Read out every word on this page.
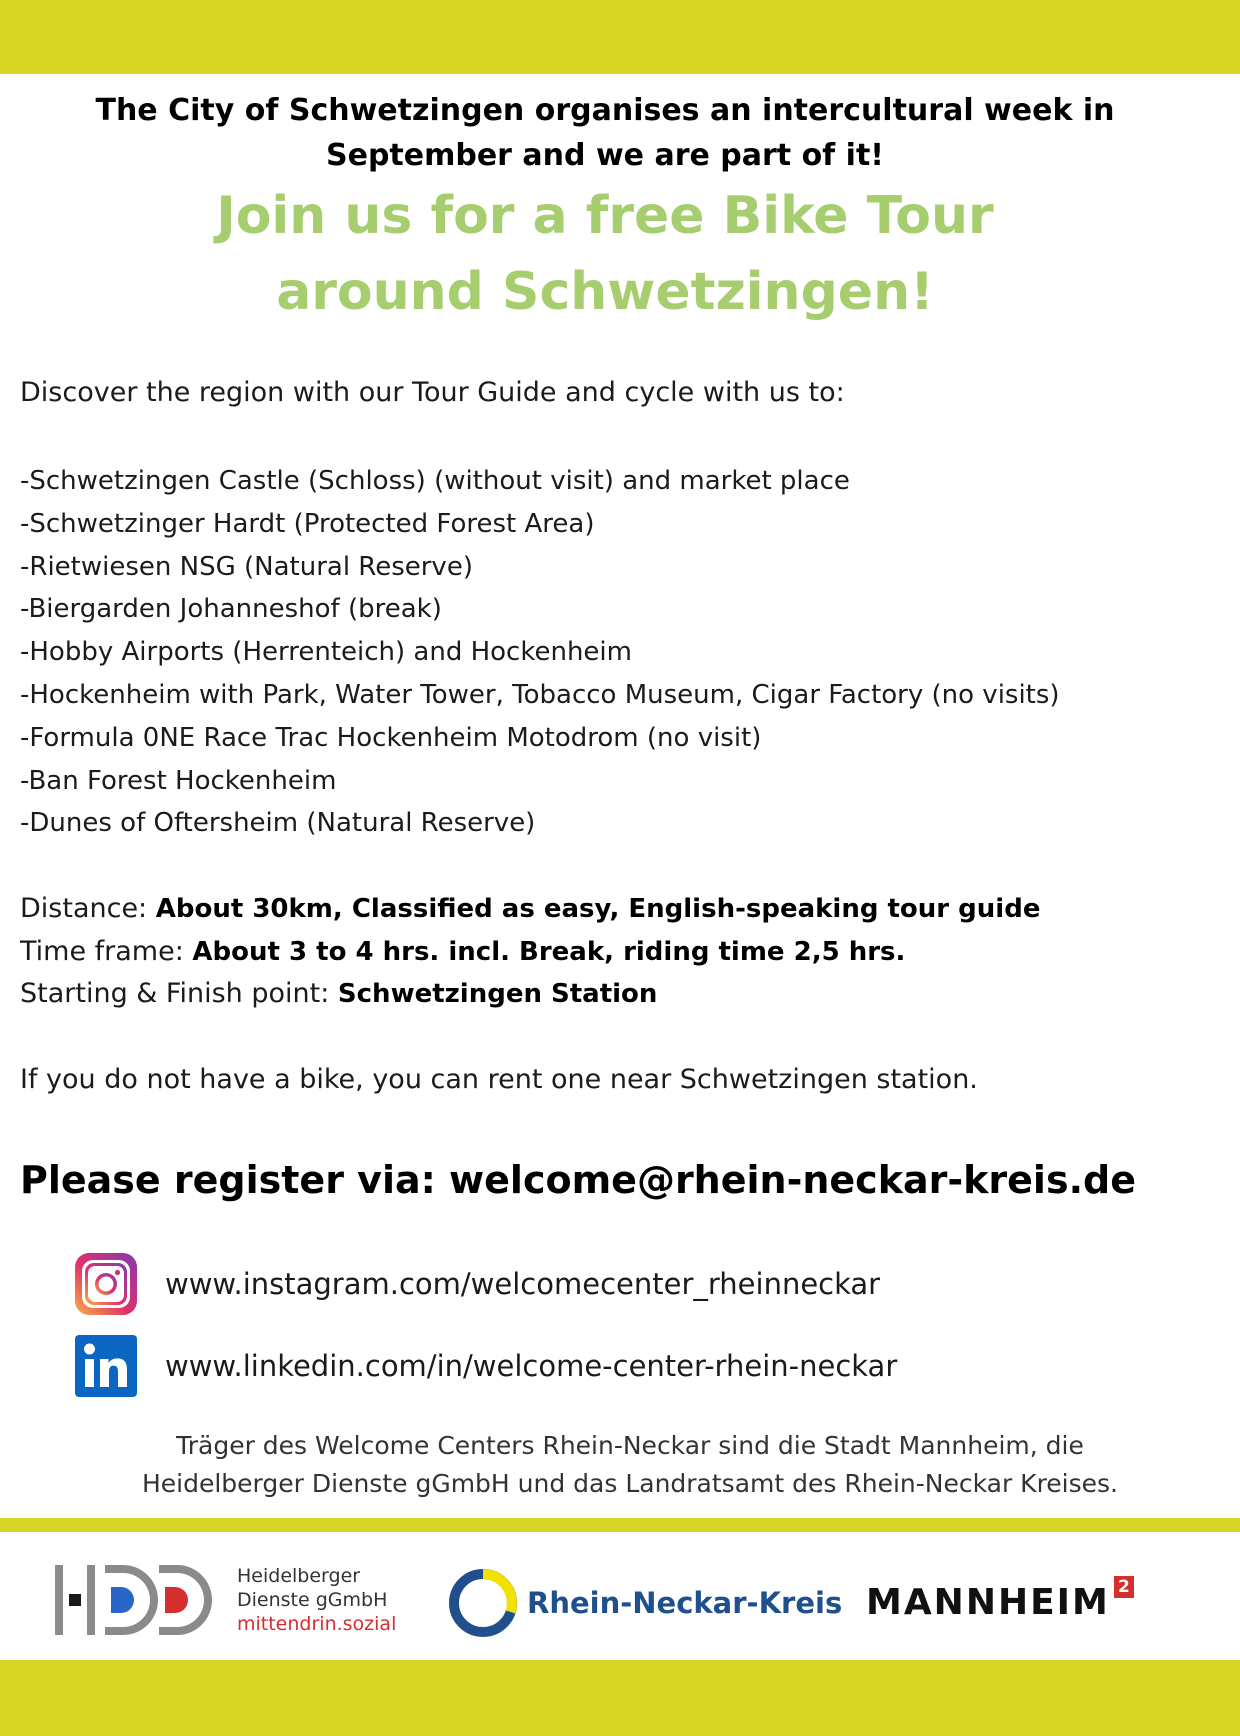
The City of Schwetzingen organises an intercultural week in
September and we are part of it!
Join us for a free Bike Tour
around Schwetzingen!
Discover the region with our Tour Guide and cycle with us to:
-Schwetzingen Castle (Schloss) (without visit) and market place
-Schwetzinger Hardt (Protected Forest Area)
-Rietwiesen NSG (Natural Reserve)
-Biergarden Johanneshof (break)
-Hobby Airports (Herrenteich) and Hockenheim
-Hockenheim with Park, Water Tower, Tobacco Museum, Cigar Factory (no visits)
-Formula 0NE Race Trac Hockenheim Motodrom (no visit)
-Ban Forest Hockenheim
-Dunes of Oftersheim (Natural Reserve)
Distance: About 30km, Classified as easy, English-speaking tour guide
Time frame: About 3 to 4 hrs. incl. Break, riding time 2,5 hrs.
Starting & Finish point: Schwetzingen Station
If you do not have a bike, you can rent one near Schwetzingen station.
Please register via: welcome@rhein-neckar-kreis.de
www.instagram.com/welcomecenter_rheinneckar
www.linkedin.com/in/welcome-center-rhein-neckar
Träger des Welcome Centers Rhein-Neckar sind die Stadt Mannheim, die
Heidelberger Dienste gGmbH und das Landratsamt des Rhein-Neckar Kreises.
Heidelberger
Dienste gGmbH
mittendrin.sozial
Rhein-Neckar-Kreis MANNHEIM 2
